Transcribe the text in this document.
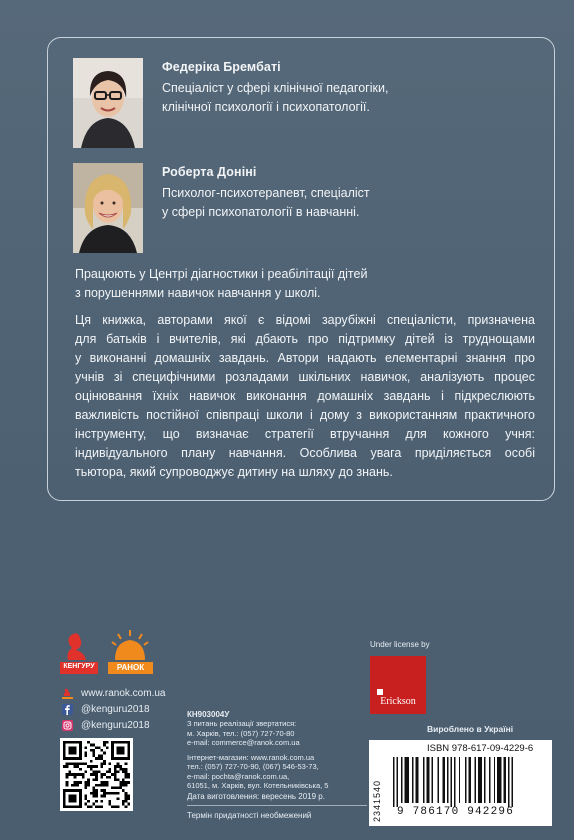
Федеріка Брембаті
Спеціаліст у сфері клінічної педагогіки,
клінічної психології і психопатології.
Роберта Доніні
Психолог-психотерапевт, спеціаліст
у сфері психопатології в навчанні.
Працюють у Центрі діагностики і реабілітації дітей
з порушеннями навичок навчання у школі.
Ця книжка, авторами якої є відомі зарубіжні спеціалісти, призначена
для батьків і вчителів, які дбають про підтримку дітей із труднощами
у виконанні домашніх завдань. Автори надають елементарні знання про
учнів зі специфічними розладами шкільних навичок, аналізують процес
оцінювання їхніх навичок виконання домашніх завдань і підкреслюють
важливість постійної співпраці школи і дому з використанням практичного
інструменту, що визначає стратегії втручання для кожного учня:
індивідуального плану навчання. Особлива увага приділяється особі
тьютора, який супроводжує дитину на шляху до знань.
КЕНГУРУ	РАНОК
www.ranok.com.ua
@kenguru2018
@kenguru2018
КН903004У
З питань реалізації звертатися:
м. Харків, тел.: (057) 727-70-80
e-mail: commerce@ranok.com.ua
Інтернет-магазин: www.ranok.com.ua
тел.: (057) 727-70-90, (067) 546-53-73,
e-mail: pochta@ranok.com.ua,
61051, м. Харків, вул. Котельниківська, 5
Дата виготовлення: вересень 2019 р.
Термін придатності необмежений
Under license by
Erickson
Вироблено в Україні
ISBN 978-617-09-4229-6
2341540	9 786170 942296
